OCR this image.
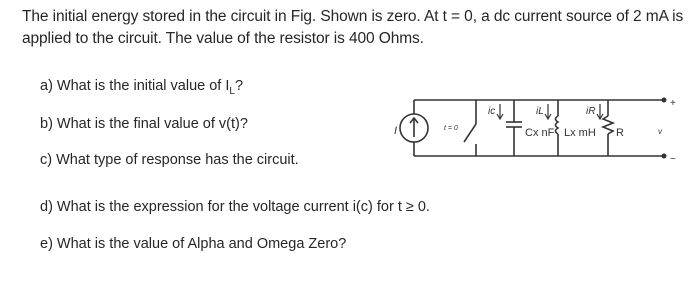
The initial energy stored in the circuit in Fig. Shown is zero. At t = 0, a dc current source of 2 mA is
applied to the circuit. The value of the resistor is 400 Ohms.
a) What is the initial value of $I_L$?
b) What is the final value of v(t)?
c) What type of response has the circuit.
d) What is the expression for the voltage current i(c) for t ≥ 0.
e) What is the value of Alpha and Omega Zero?
I	t = 0
ic	iL	iR
Cx nF Lx mH R
+
v
−
